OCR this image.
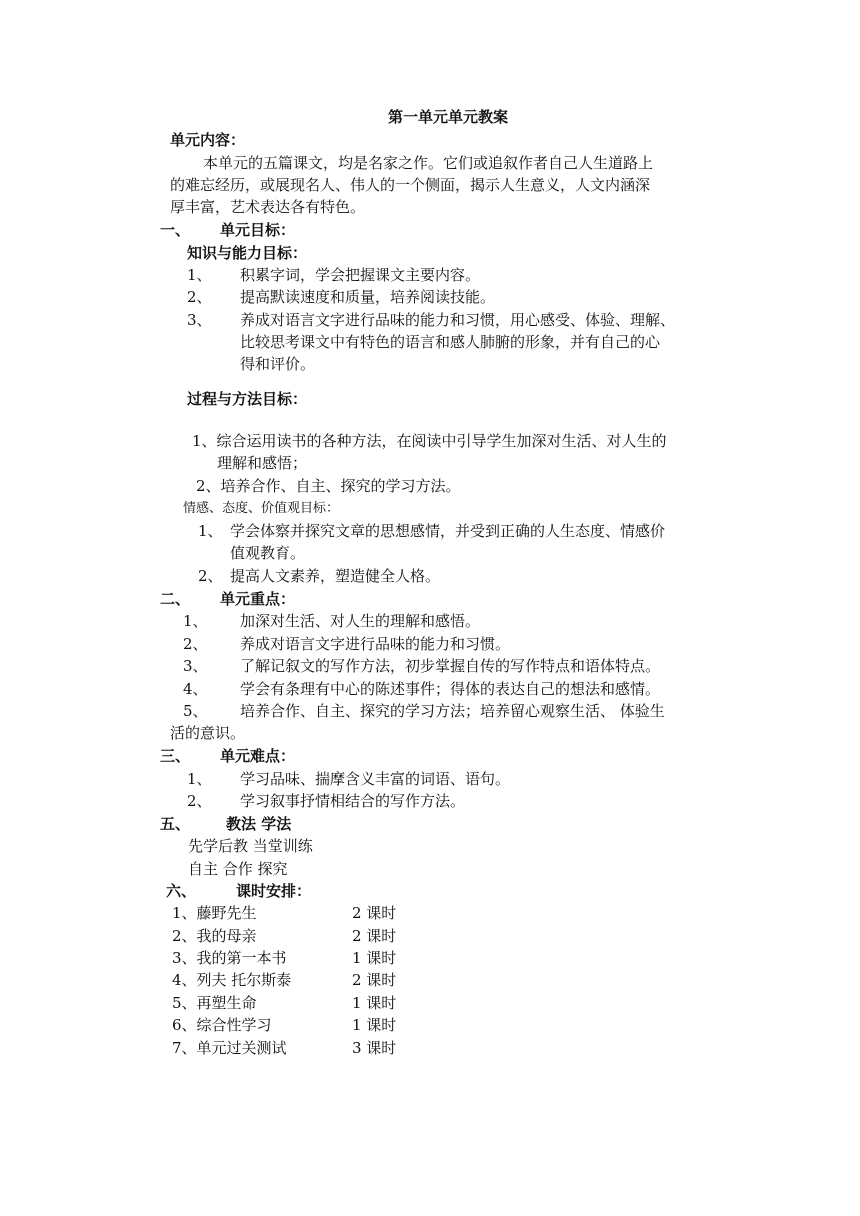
第一单元单元教案
单元内容：
本单元的五篇课文，均是名家之作。它们或追叙作者自己人生道路上
的难忘经历，或展现名人、伟人的一个侧面，揭示人生意义，人文内涵深
厚丰富，艺术表达各有特色。
一、 单元目标：
知识与能力目标：
1、 积累字词，学会把握课文主要内容。
2、 提高默读速度和质量，培养阅读技能。
3、 养成对语言文字进行品味的能力和习惯，用心感受、体验、理解、
比较思考课文中有特色的语言和感人肺腑的形象，并有自己的心
得和评价。
过程与方法目标：
1、综合运用读书的各种方法，在阅读中引导学生加深对生活、对人生的
理解和感悟；
2、培养合作、自主、探究的学习方法。
情感、态度、价值观目标：
1、 学会体察并探究文章的思想感情，并受到正确的人生态度、情感价
值观教育。
2、 提高人文素养，塑造健全人格。
二、 单元重点：
1、 加深对生活、对人生的理解和感悟。
2、 养成对语言文字进行品味的能力和习惯。
3、 了解记叙文的写作方法，初步掌握自传的写作特点和语体特点。
4、 学会有条理有中心的陈述事件；得体的表达自己的想法和感情。
5、 培养合作、自主、探究的学习方法；培养留心观察生活、 体验生
活的意识。
三、 单元难点：
1、 学习品味、揣摩含义丰富的词语、语句。
2、 学习叙事抒情相结合的写作方法。
五、 教法 学法
先学后教 当堂训练
自主 合作 探究
六、	课时安排：
1、藤野先生	2 课时
2、我的母亲	2 课时
3、我的第一本书	1 课时
4、列夫 托尔斯泰	2 课时
5、再塑生命	1 课时
6、综合性学习	1 课时
7、单元过关测试	3 课时
